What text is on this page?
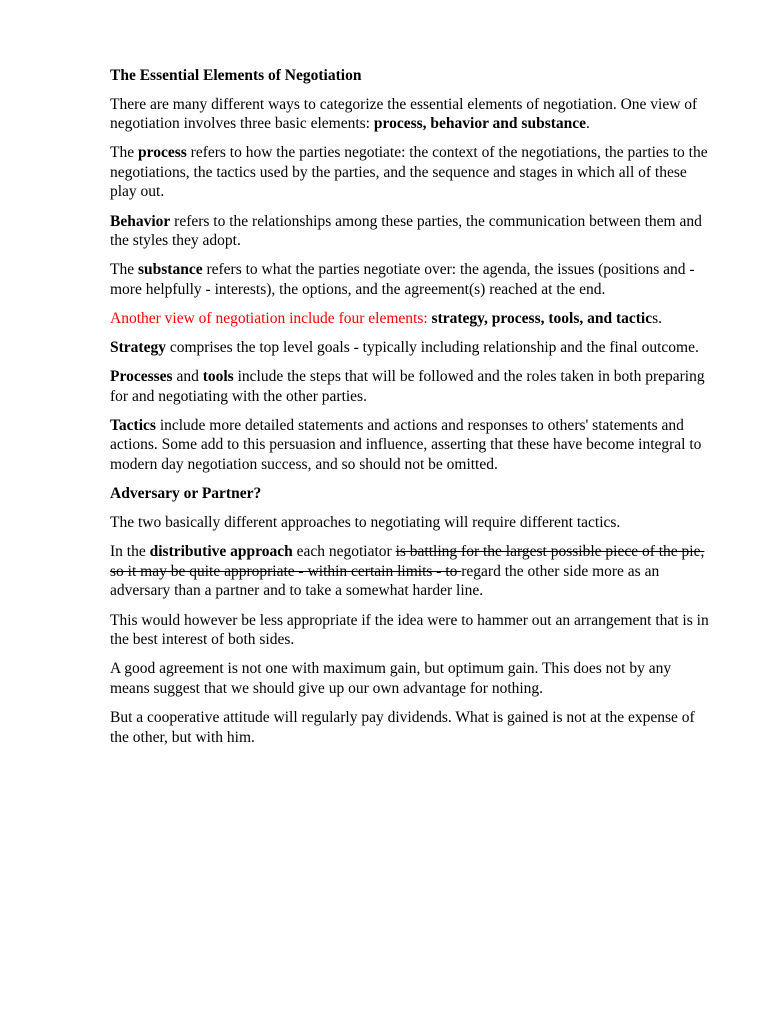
The Essential Elements of Negotiation

There are many different ways to categorize the essential elements of negotiation. One view of negotiation involves three basic elements: process, behavior and substance.

The process refers to how the parties negotiate: the context of the negotiations, the parties to the negotiations, the tactics used by the parties, and the sequence and stages in which all of these play out.

Behavior refers to the relationships among these parties, the communication between them and the styles they adopt.

The substance refers to what the parties negotiate over: the agenda, the issues (positions and - more helpfully - interests), the options, and the agreement(s) reached at the end.

Another view of negotiation include four elements: strategy, process, tools, and tactics.

Strategy comprises the top level goals - typically including relationship and the final outcome.

Processes and tools include the steps that will be followed and the roles taken in both preparing for and negotiating with the other parties.

Tactics include more detailed statements and actions and responses to others' statements and actions. Some add to this persuasion and influence, asserting that these have become integral to modern day negotiation success, and so should not be omitted.

Adversary or Partner?

The two basically different approaches to negotiating will require different tactics.

In the distributive approach each negotiator is battling for the largest possible piece of the pie, so it may be quite appropriate - within certain limits - to regard the other side more as an adversary than a partner and to take a somewhat harder line.

This would however be less appropriate if the idea were to hammer out an arrangement that is in the best interest of both sides.

A good agreement is not one with maximum gain, but optimum gain. This does not by any means suggest that we should give up our own advantage for nothing.

But a cooperative attitude will regularly pay dividends. What is gained is not at the expense of the other, but with him.
